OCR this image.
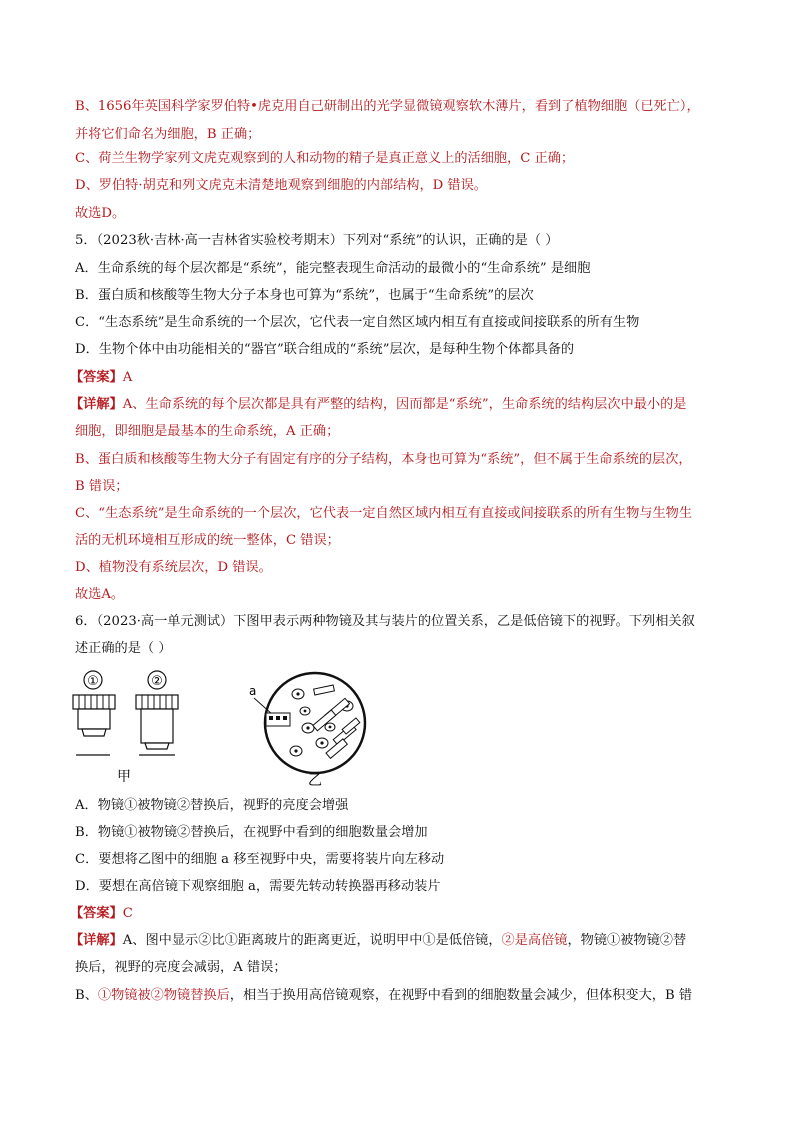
B、1656年英国科学家罗伯特•虎克用自己研制出的光学显微镜观察软木薄片，看到了植物细胞（已死亡），
并将它们命名为细胞，B 正确；
C、荷兰生物学家列文虎克观察到的人和动物的精子是真正意义上的活细胞，C 正确；
D、罗伯特·胡克和列文虎克未清楚地观察到细胞的内部结构，D 错误。
故选D。
5．（2023秋·吉林·高一吉林省实验校考期末）下列对“系统”的认识，正确的是（ ）
A．生命系统的每个层次都是“系统”，能完整表现生命活动的最微小的“生命系统” 是细胞
B．蛋白质和核酸等生物大分子本身也可算为“系统”，也属于“生命系统”的层次
C．“生态系统”是生命系统的一个层次，它代表一定自然区域内相互有直接或间接联系的所有生物
D．生物个体中由功能相关的“器官”联合组成的“系统”层次，是每种生物个体都具备的
【答案】A
【详解】A、生命系统的每个层次都是具有严整的结构，因而都是“系统”，生命系统的结构层次中最小的是
细胞，即细胞是最基本的生命系统，A 正确；
B、蛋白质和核酸等生物大分子有固定有序的分子结构，本身也可算为“系统”，但不属于生命系统的层次，
B 错误；
C、“生态系统”是生命系统的一个层次，它代表一定自然区域内相互有直接或间接联系的所有生物与生物生
活的无机环境相互形成的统一整体，C 错误；
D、植物没有系统层次，D 错误。
故选A。
6．（2023·高一单元测试）下图甲表示两种物镜及其与装片的位置关系，乙是低倍镜下的视野。下列相关叙
述正确的是（ ）
①	②
甲
a
乙
A．物镜①被物镜②替换后，视野的亮度会增强
B．物镜①被物镜②替换后，在视野中看到的细胞数量会增加
C．要想将乙图中的细胞 a 移至视野中央，需要将装片向左移动
D．要想在高倍镜下观察细胞 a，需要先转动转换器再移动装片
【答案】C
【详解】A、图中显示②比①距离玻片的距离更近，说明甲中①是低倍镜，②是高倍镜，物镜①被物镜②替
换后，视野的亮度会减弱，A 错误；
B、①物镜被②物镜替换后，相当于换用高倍镜观察，在视野中看到的细胞数量会减少，但体积变大，B 错
